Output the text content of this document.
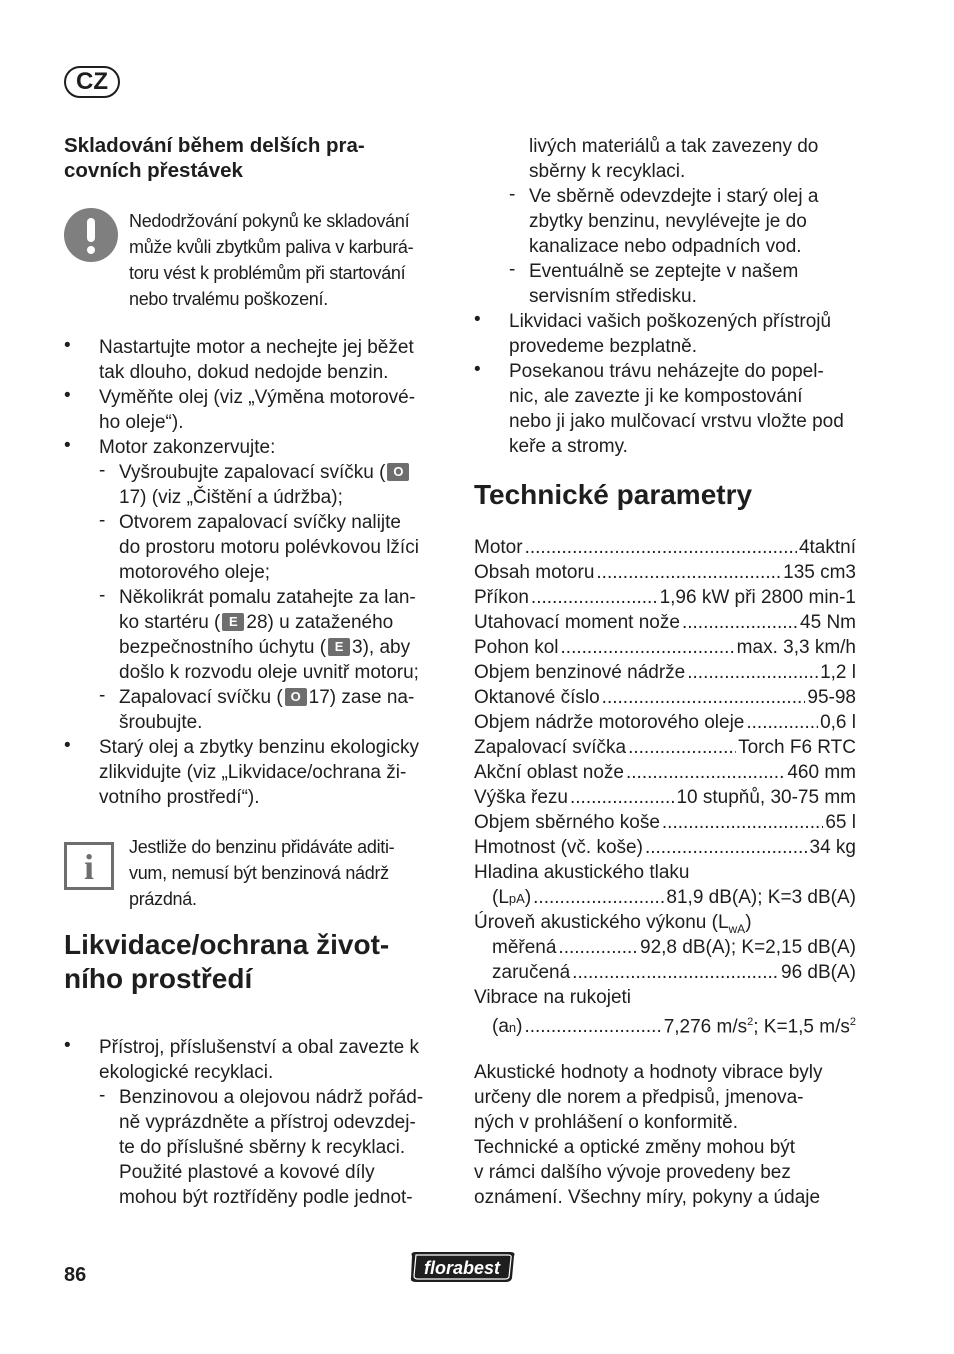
CZ
Skladování během delších pra-
covních přestávek
Nedodržování pokynů ke skladování
může kvůli zbytkům paliva v karburá-
toru vést k problémům při startování
nebo trvalému poškození.
• Nastartujte motor a nechejte jej běžet
tak dlouho, dokud nedojde benzin.
• Vyměňte olej (viz „Výměna motorové-
ho oleje“).
• Motor zakonzervujte:
- Vyšroubujte zapalovací svíčku ( O
17) (viz „Čištění a údržba);
- Otvorem zapalovací svíčky nalijte
do prostoru motoru polévkovou lžíci
motorového oleje;
- Několikrát pomalu zatahejte za lan-
ko startéru ( E 28) u zataženého
bezpečnostního úchytu ( E 3), aby
došlo k rozvodu oleje uvnitř motoru;
- Zapalovací svíčku ( O 17) zase na-
šroubujte.
• Starý olej a zbytky benzinu ekologicky
zlikvidujte (viz „Likvidace/ochrana ži-
votního prostředí“).
i	Jestliže do benzinu přidáváte aditi-
vum, nemusí být benzinová nádrž
prázdná.
Likvidace/ochrana život-
ního prostředí
• Přístroj, příslušenství a obal zavezte k
ekologické recyklaci.
- Benzinovou a olejovou nádrž pořád-
ně vyprázdněte a přístroj odevzdej-
te do příslušné sběrny k recyklaci.
Použité plastové a kovové díly
mohou být roztříděny podle jednot-
livých materiálů a tak zavezeny do
sběrny k recyklaci.
- Ve sběrně odevzdejte i starý olej a
zbytky benzinu, nevylévejte je do
kanalizace nebo odpadních vod.
- Eventuálně se zeptejte v našem
servisním středisku.
• Likvidaci vašich poškozených přístrojů
provedeme bezplatně.
• Posekanou trávu neházejte do popel-
nic, ale zavezte ji ke kompostování
nebo ji jako mulčovací vrstvu vložte pod
keře a stromy.
Technické parametry
Motor .....	4taktní
Obsah motoru .....	135 cm3
Příkon .....	1,96 kW při 2800 min-1
Utahovací moment nože .....	45 Nm
Pohon kol .....	max. 3,3 km/h
Objem benzinové nádrže .....	1,2 l
Oktanové číslo .....	95-98
Objem nádrže motorového oleje .....	0,6 l
Zapalovací svíčka .....	Torch F6 RTC
Akční oblast nože .....	460 mm
Výška řezu .....	10 stupňů, 30-75 mm
Objem sběrného koše .....	65 l
Hmotnost (vč. koše) .....	34 kg
Hladina akustického tlaku
(LpA) .....	81,9 dB(A); K=3 dB(A)
Úroveň akustického výkonu $(L_{wA})$
měřená .....	92,8 dB(A); K=2,15 dB(A)
zaručená .....	96 dB(A)
Vibrace na rukojeti
(an) .....	7,276 $m/s^2$; K=1,5 $m/s^2$
Akustické hodnoty a hodnoty vibrace byly
určeny dle norem a předpisů, jmenova-
ných v prohlášení o konformitě.
Technické a optické změny mohou být
v rámci dalšího vývoje provedeny bez
oznámení. Všechny míry, pokyny a údaje
86	florabest
